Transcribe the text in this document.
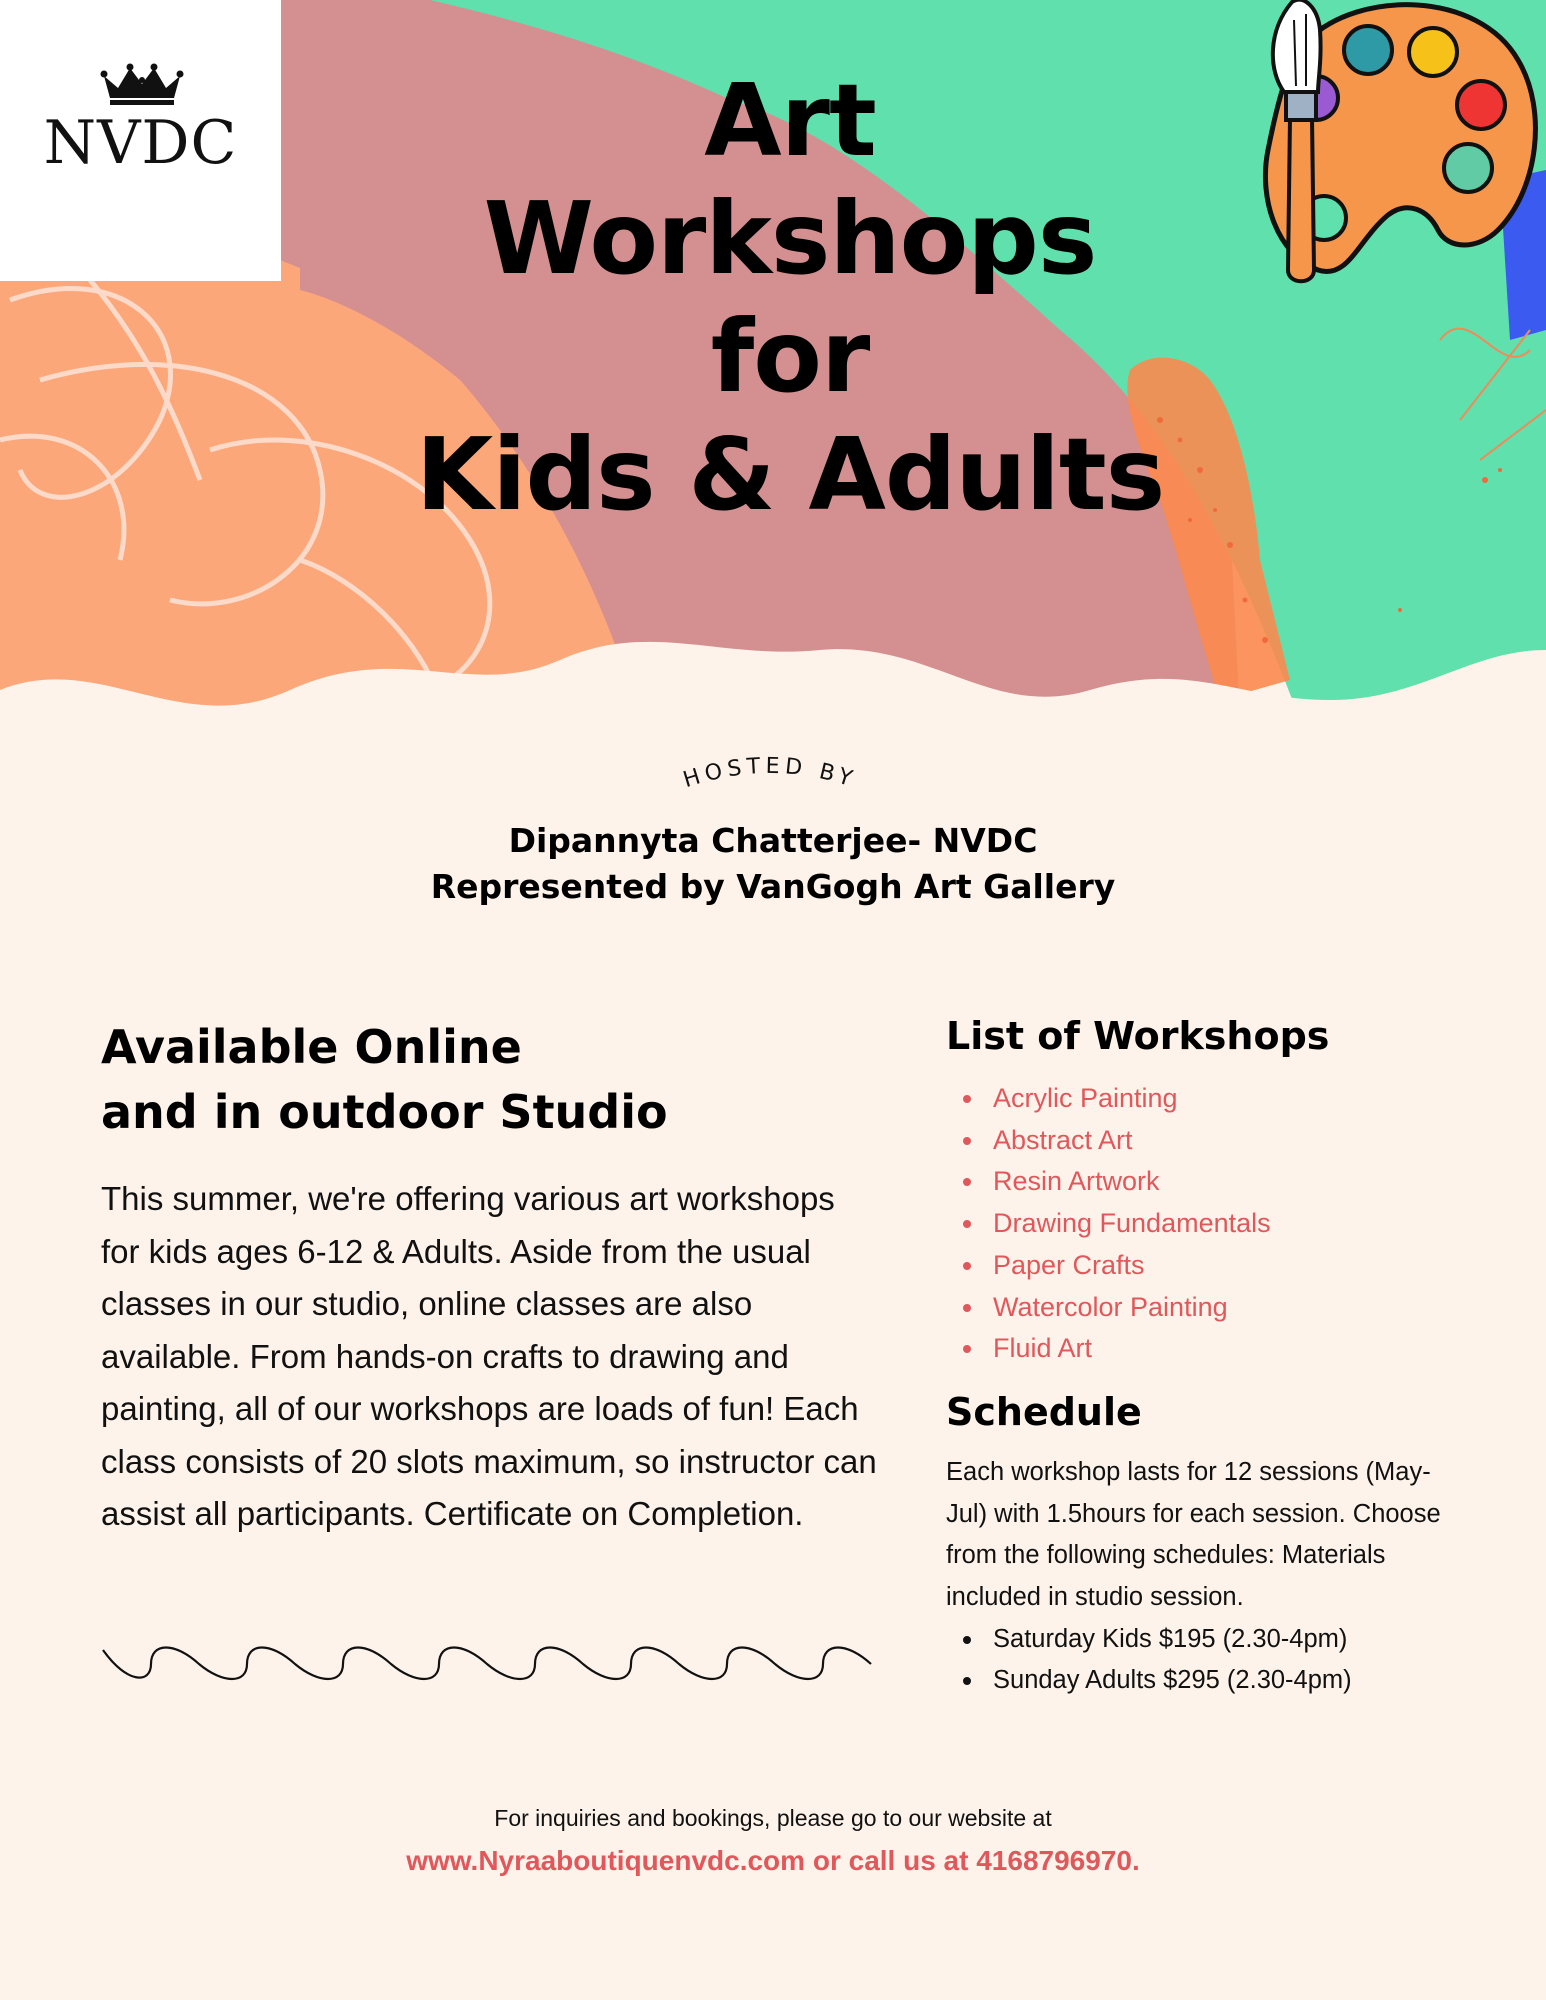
NVDC	Art
Workshops
for
Kids & Adults
HOSTED BY
Dipannyta Chatterjee- NVDC
Represented by VanGogh Art Gallery
Available Online
and in outdoor Studio

This summer, we're offering various art workshops for kids ages 6-12 & Adults. Aside from the usual classes in our studio, online classes are also available. From hands-on crafts to drawing and painting, all of our workshops are loads of fun! Each class consists of 20 slots maximum, so instructor can assist all participants. Certificate on Completion.

List of Workshops
Acrylic Painting
Abstract Art
Resin Artwork
Drawing Fundamentals
Paper Crafts
Watercolor Painting
Fluid Art
Schedule

Each workshop lasts for 12 sessions (May- Jul) with 1.5hours for each session. Choose from the following schedules: Materials included in studio session.

Saturday Kids $195 (2.30-4pm)
Sunday Adults $295 (2.30-4pm)
For inquiries and bookings, please go to our website at
www.Nyraaboutiquenvdc.com or call us at 4168796970.
